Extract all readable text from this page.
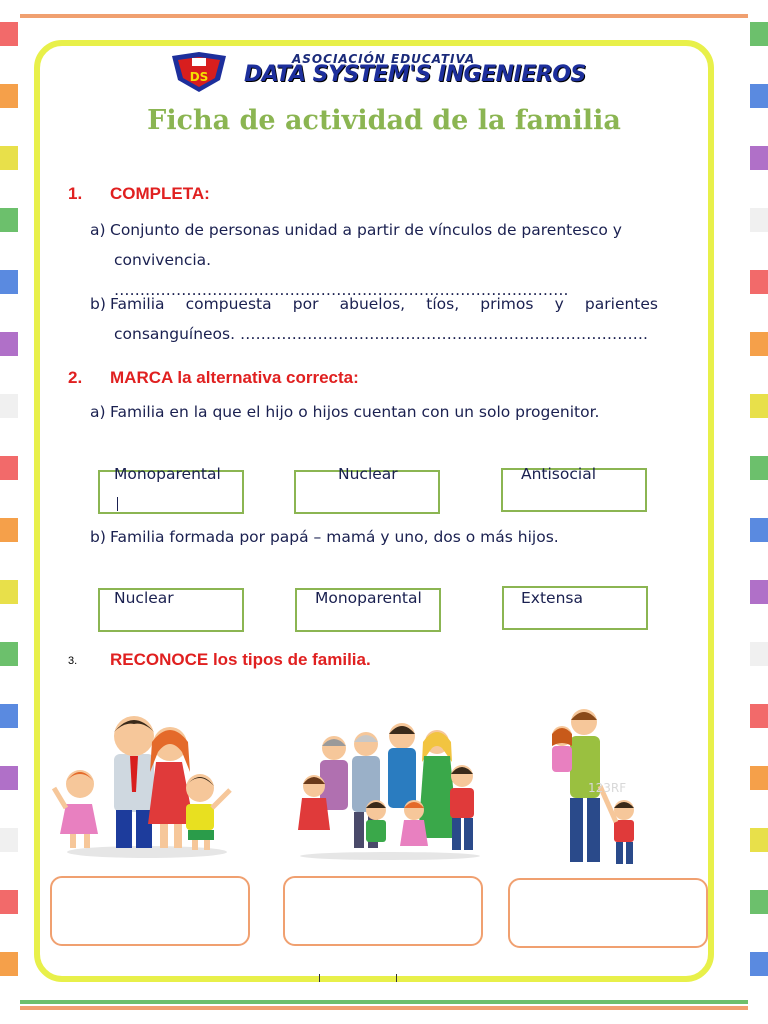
DS
ASOCIACIÓN EDUCATIVA
DATA SYSTEM'S INGENIEROS
Ficha de actividad de la familia
1. COMPLETA:
a) Conjunto de personas unidad a partir de vínculos de parentesco y
convivencia. …………………………………………………………………………….
b) Familia compuesta por abuelos, tíos, primos y parientes
consanguíneos. …………………………………………………………………….
2. MARCA la alternativa correcta:
a) Familia en la que el hijo o hijos cuentan con un solo progenitor.
Monoparental	Nuclear	Antisocial
b) Familia formada por papá – mamá y uno, dos o más hijos.
Nuclear	Monoparental	Extensa
3. RECONOCE los tipos de familia.
123RF
